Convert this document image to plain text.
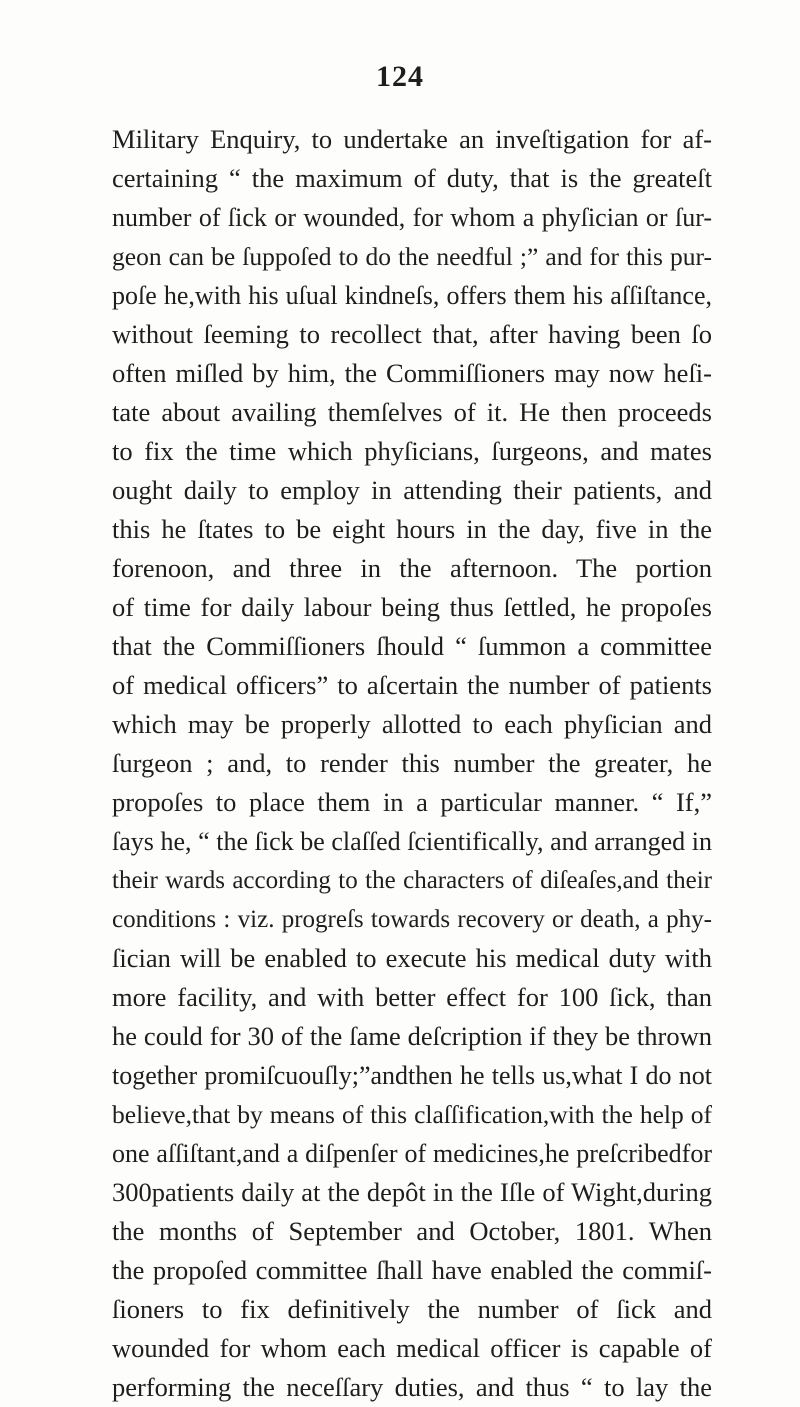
124
Military Enquiry, to undertake an inveſtigation for af-
certaining “ the maximum of duty, that is the greateſt
number of ſick or wounded, for whom a phyſician or ſur-
geon can be ſuppoſed to do the needful ;” and for this pur-
poſe he,with his uſual kindneſs, offers them his aſſiſtance,
without ſeeming to recollect that, after having been ſo
often miſled by him, the Commiſſioners may now heſi-
tate about availing themſelves of it. He then proceeds
to fix the time which phyſicians, ſurgeons, and mates
ought daily to employ in attending their patients, and
this he ſtates to be eight hours in the day, five in the
forenoon, and three in the afternoon. The portion
of time for daily labour being thus ſettled, he propoſes
that the Commiſſioners ſhould “ ſummon a committee
of medical officers” to aſcertain the number of patients
which may be properly allotted to each phyſician and
ſurgeon ; and, to render this number the greater, he
propoſes to place them in a particular manner. “ If,”
ſays he, “ the ſick be claſſed ſcientifically, and arranged in
their wards according to the characters of diſeaſes,and their
conditions : viz. progreſs towards recovery or death, a phy-
ſician will be enabled to execute his medical duty with
more facility, and with better effect for 100 ſick, than
he could for 30 of the ſame deſcription if they be thrown
together promiſcuouſly;”andthen he tells us,what I do not
believe,that by means of this claſſification,with the help of
one aſſiſtant,and a diſpenſer of medicines,he preſcribedfor
300patients daily at the depôt in the Iſle of Wight,during
the months of September and October, 1801. When
the propoſed committee ſhall have enabled the commiſ-
ſioners to fix definitively the number of ſick and
wounded for whom each medical officer is capable of
performing the neceſſary duties, and thus “ to lay the
